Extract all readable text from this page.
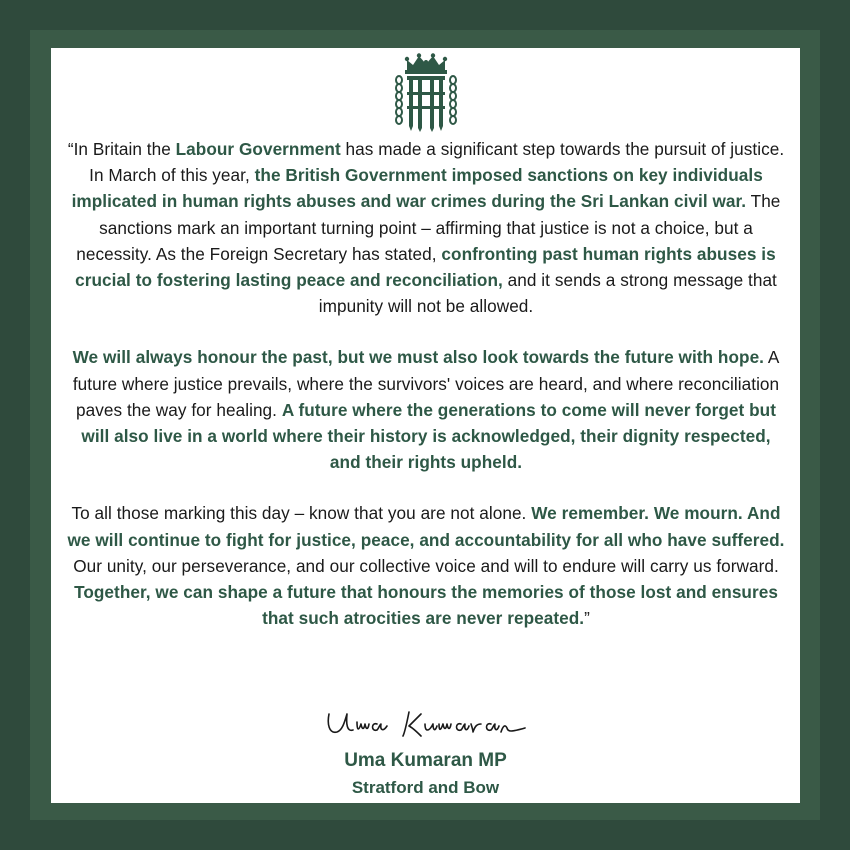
“In Britain the Labour Government has made a significant step towards the pursuit of justice. In March of this year, the British Government imposed sanctions on key individuals implicated in human rights abuses and war crimes during the Sri Lankan civil war. The sanctions mark an important turning point – affirming that justice is not a choice, but a necessity. As the Foreign Secretary has stated, confronting past human rights abuses is crucial to fostering lasting peace and reconciliation, and it sends a strong message that impunity will not be allowed.

We will always honour the past, but we must also look towards the future with hope. A future where justice prevails, where the survivors' voices are heard, and where reconciliation paves the way for healing. A future where the generations to come will never forget but will also live in a world where their history is acknowledged, their dignity respected, and their rights upheld.

To all those marking this day – know that you are not alone. We remember. We mourn. And we will continue to fight for justice, peace, and accountability for all who have suffered. Our unity, our perseverance, and our collective voice and will to endure will carry us forward. Together, we can shape a future that honours the memories of those lost and ensures that such atrocities are never repeated.”

Uma Kumaran MP
Stratford and Bow
